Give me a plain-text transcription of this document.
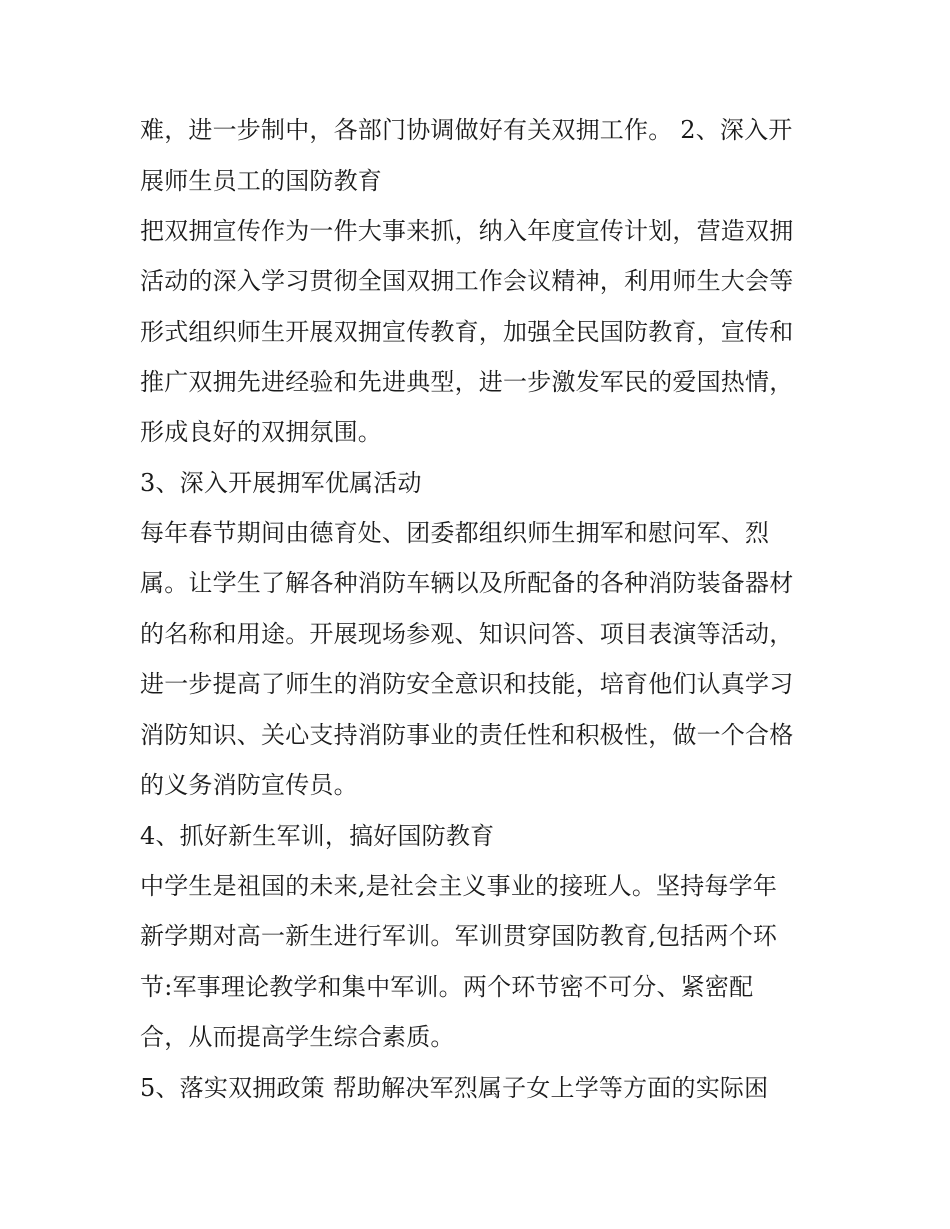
难，进一步制中，各部门协调做好有关双拥工作。 2、深入开
展师生员工的国防教育
把双拥宣传作为一件大事来抓，纳入年度宣传计划，营造双拥
活动的深入学习贯彻全国双拥工作会议精神，利用师生大会等
形式组织师生开展双拥宣传教育，加强全民国防教育，宣传和
推广双拥先进经验和先进典型，进一步激发军民的爱国热情，
形成良好的双拥氛围。
3、深入开展拥军优属活动
每年春节期间由德育处、团委都组织师生拥军和慰问军、烈
属。让学生了解各种消防车辆以及所配备的各种消防装备器材
的名称和用途。开展现场参观、知识问答、项目表演等活动，
进一步提高了师生的消防安全意识和技能，培育他们认真学习
消防知识、关心支持消防事业的责任性和积极性，做一个合格
的义务消防宣传员。
4、抓好新生军训，搞好国防教育
中学生是祖国的未来,是社会主义事业的接班人。坚持每学年
新学期对高一新生进行军训。军训贯穿国防教育,包括两个环
节:军事理论教学和集中军训。两个环节密不可分、紧密配
合，从而提高学生综合素质。
5、落实双拥政策 帮助解决军烈属子女上学等方面的实际困
